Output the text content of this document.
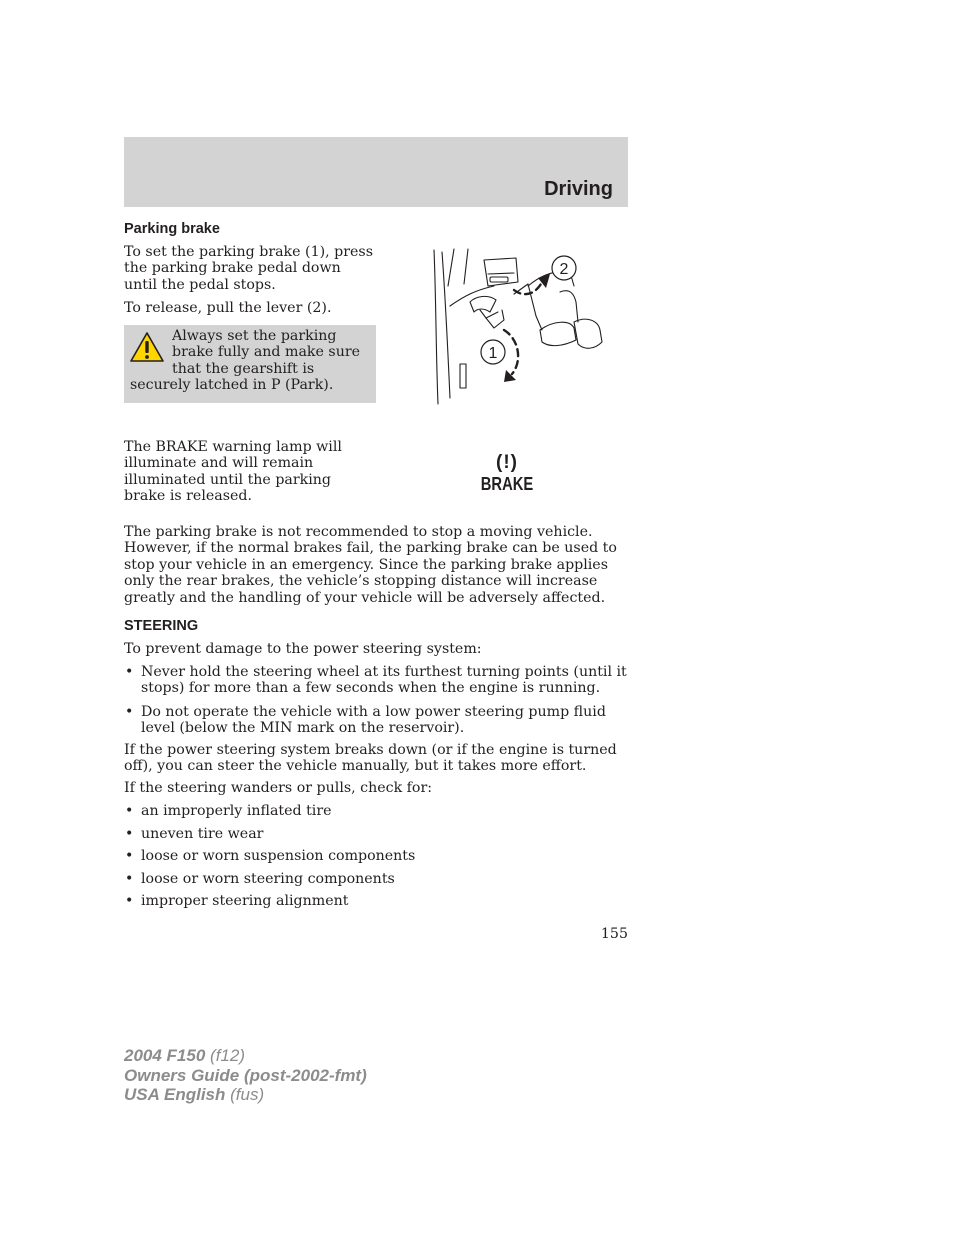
Driving
Parking brake

To set the parking brake (1), press the parking brake pedal down until the pedal stops.

To release, pull the lever (2).

Always set the parking brake fully and make sure that the gearshift is securely latched in P (Park).

2
1

The BRAKE warning lamp will illuminate and will remain illuminated until the parking brake is released.

(!)
BRAKE

The parking brake is not recommended to stop a moving vehicle. However, if the normal brakes fail, the parking brake can be used to stop your vehicle in an emergency. Since the parking brake applies only the rear brakes, the vehicle’s stopping distance will increase greatly and the handling of your vehicle will be adversely affected.

STEERING

To prevent damage to the power steering system:

• Never hold the steering wheel at its furthest turning points (until it stops) for more than a few seconds when the engine is running.
• Do not operate the vehicle with a low power steering pump fluid level (below the MIN mark on the reservoir).

If the power steering system breaks down (or if the engine is turned off), you can steer the vehicle manually, but it takes more effort.

If the steering wanders or pulls, check for:

• an improperly inflated tire
• uneven tire wear
• loose or worn suspension components
• loose or worn steering components
• improper steering alignment
155
2004 F150 (f12)
Owners Guide (post-2002-fmt)
USA English (fus)
